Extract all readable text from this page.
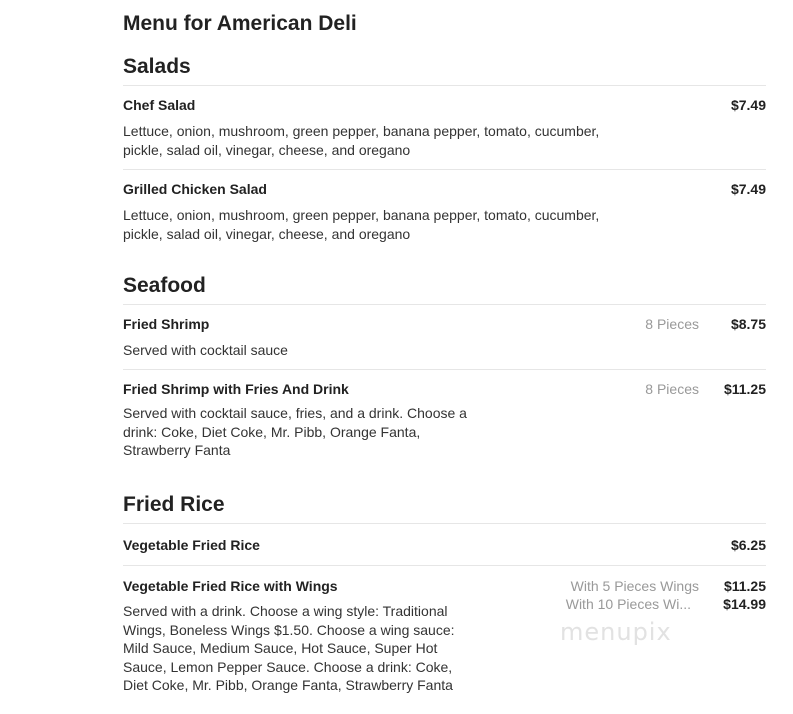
Menu for American Deli
Salads
Chef Salad	$7.49
Lettuce, onion, mushroom, green pepper, banana pepper, tomato, cucumber, pickle, salad oil, vinegar, cheese, and oregano
Grilled Chicken Salad	$7.49
Lettuce, onion, mushroom, green pepper, banana pepper, tomato, cucumber, pickle, salad oil, vinegar, cheese, and oregano
Seafood
Fried Shrimp	8 Pieces $8.75
Served with cocktail sauce
Fried Shrimp with Fries And Drink	8 Pieces $11.25
Served with cocktail sauce, fries, and a drink. Choose a drink: Coke, Diet Coke, Mr. Pibb, Orange Fanta, Strawberry Fanta
Fried Rice
Vegetable Fried Rice	$6.25
Vegetable Fried Rice with Wings	With 5 Pieces Wings $11.25
With 10 Pieces Wi... $14.99
Served with a drink. Choose a wing style: Traditional Wings, Boneless Wings $1.50. Choose a wing sauce: Mild Sauce, Medium Sauce, Hot Sauce, Super Hot Sauce, Lemon Pepper Sauce. Choose a drink: Coke, Diet Coke, Mr. Pibb, Orange Fanta, Strawberry Fanta
menupix
